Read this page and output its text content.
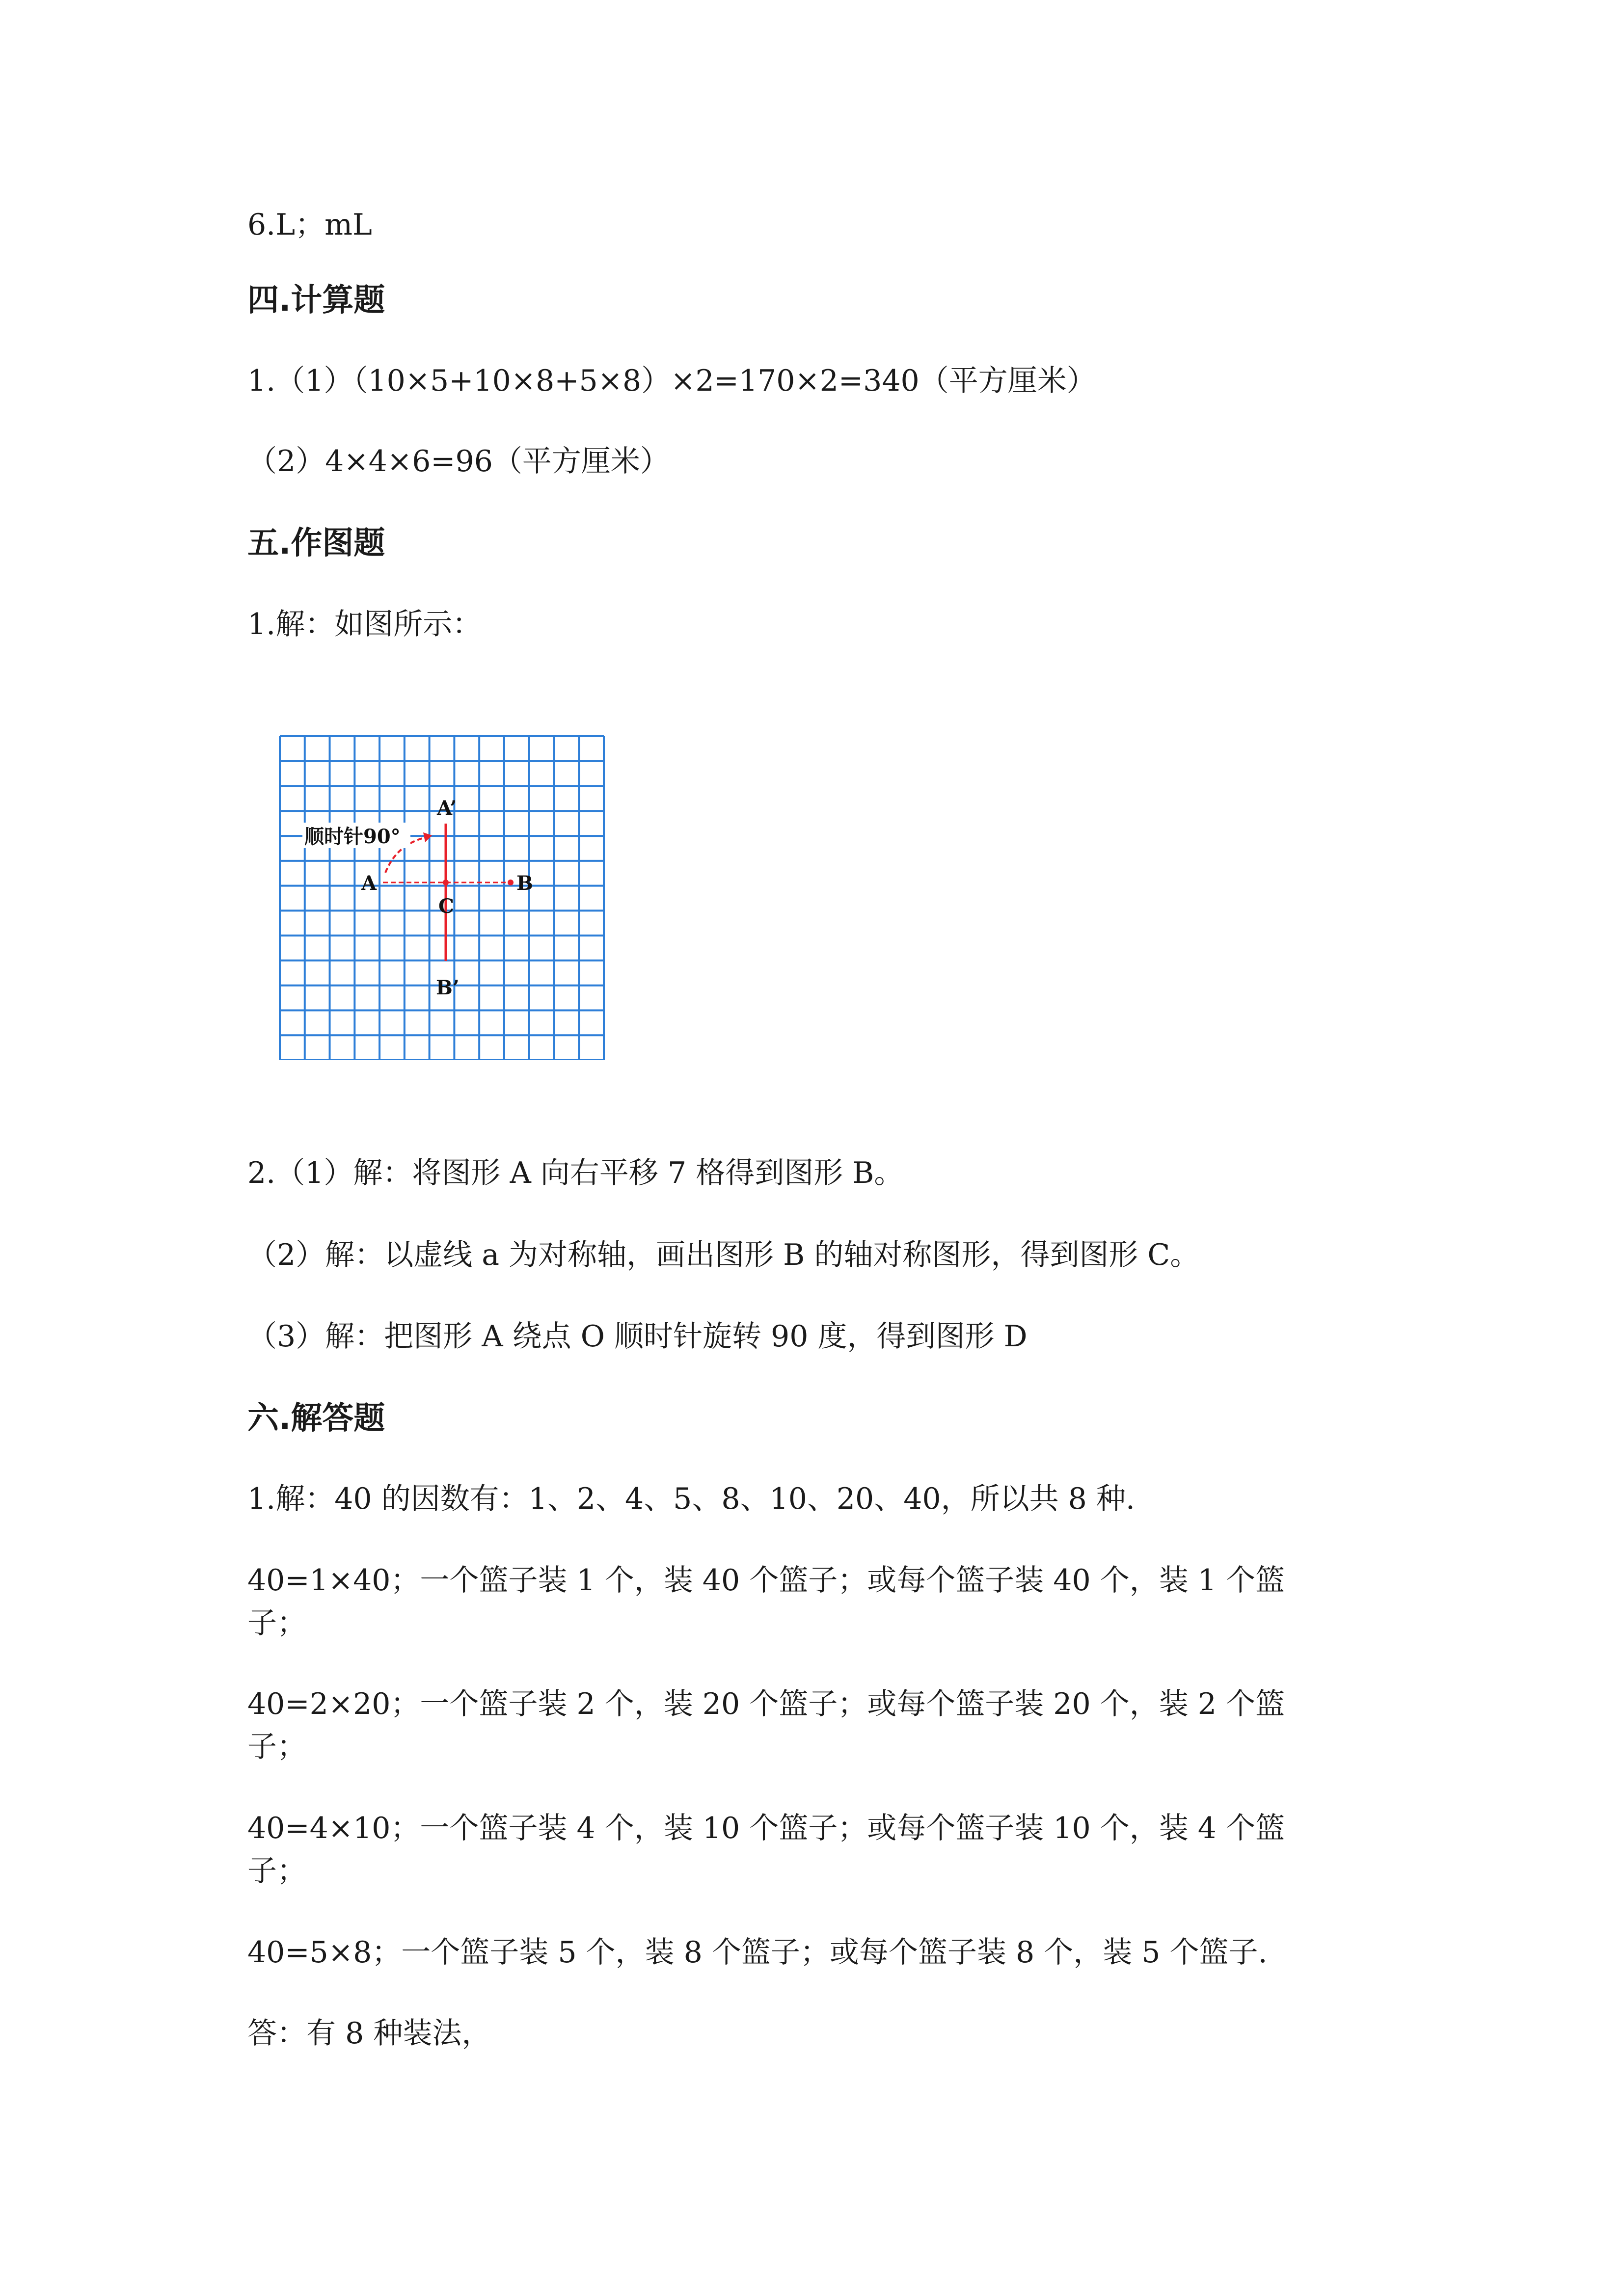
6.L；mL
四.计算题
1.（1）（10×5+10×8+5×8）×2=170×2=340（平方厘米）
（2）4×4×6=96（平方厘米）
五.作图题
1.解：如图所示：
顺时针90°
A’
A	B
C
B’
2.（1）解：将图形 A 向右平移 7 格得到图形 B。
（2）解：以虚线 a 为对称轴，画出图形 B 的轴对称图形，得到图形 C。
（3）解：把图形 A 绕点 O 顺时针旋转 90 度，得到图形 D
六.解答题
1.解：40 的因数有：1、2、4、5、8、10、20、40，所以共 8 种.
40=1×40；一个篮子装 1 个，装 40 个篮子；或每个篮子装 40 个，装 1 个篮
子；
40=2×20；一个篮子装 2 个，装 20 个篮子；或每个篮子装 20 个，装 2 个篮
子；
40=4×10；一个篮子装 4 个，装 10 个篮子；或每个篮子装 10 个，装 4 个篮
子；
40=5×8；一个篮子装 5 个，装 8 个篮子；或每个篮子装 8 个，装 5 个篮子.
答：有 8 种装法，
